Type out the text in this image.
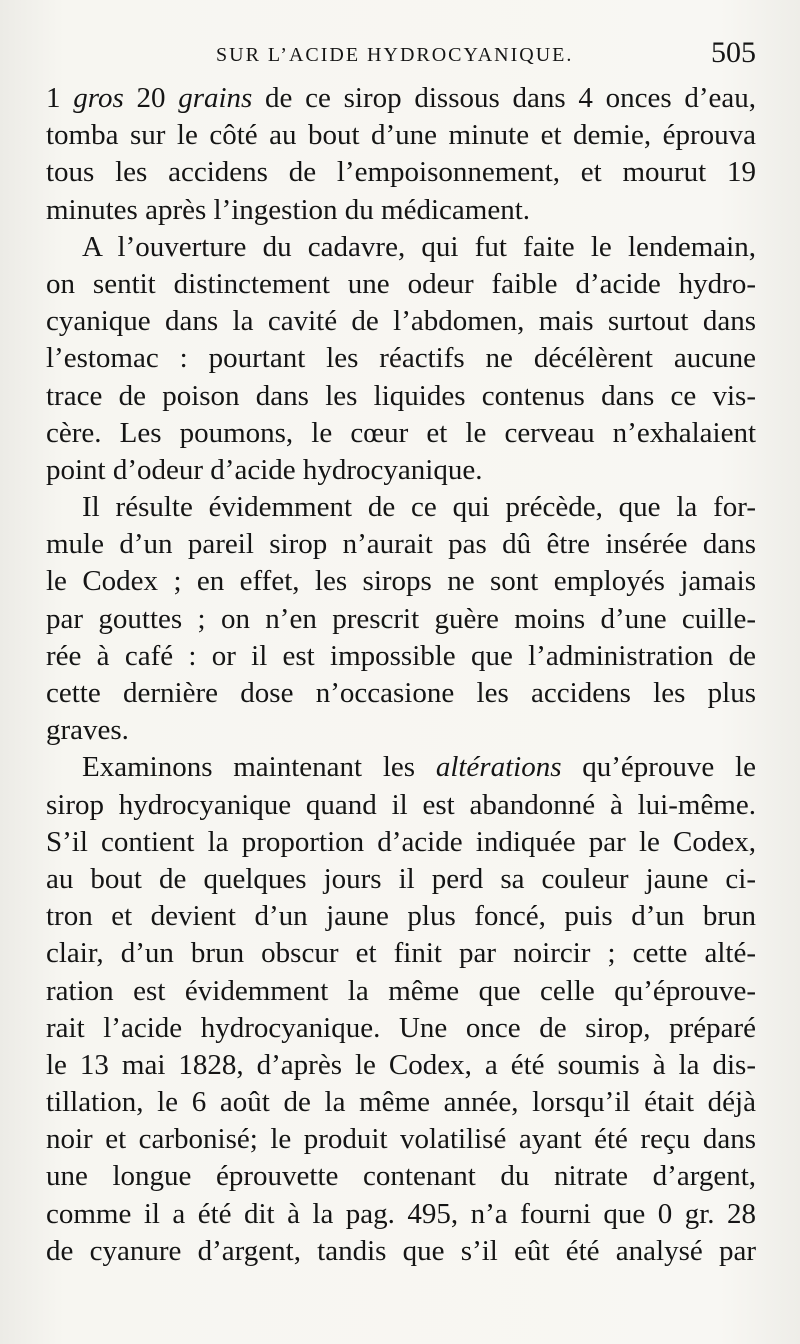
SUR L’ACIDE HYDROCYANIQUE.	505
1 gros 20 grains de ce sirop dissous dans 4 onces d’eau,
tomba sur le côté au bout d’une minute et demie, éprouva
tous les accidens de l’empoisonnement, et mourut 19
minutes après l’ingestion du médicament.
A l’ouverture du cadavre, qui fut faite le lendemain,
on sentit distinctement une odeur faible d’acide hydro-
cyanique dans la cavité de l’abdomen, mais surtout dans
l’estomac : pourtant les réactifs ne décélèrent aucune
trace de poison dans les liquides contenus dans ce vis-
cère. Les poumons, le cœur et le cerveau n’exhalaient
point d’odeur d’acide hydrocyanique.
Il résulte évidemment de ce qui précède, que la for-
mule d’un pareil sirop n’aurait pas dû être insérée dans
le Codex ; en effet, les sirops ne sont employés jamais
par gouttes ; on n’en prescrit guère moins d’une cuille-
rée à café : or il est impossible que l’administration de
cette dernière dose n’occasione les accidens les plus
graves.
Examinons maintenant les altérations qu’éprouve le
sirop hydrocyanique quand il est abandonné à lui-même.
S’il contient la proportion d’acide indiquée par le Codex,
au bout de quelques jours il perd sa couleur jaune ci-
tron et devient d’un jaune plus foncé, puis d’un brun
clair, d’un brun obscur et finit par noircir ; cette alté-
ration est évidemment la même que celle qu’éprouve-
rait l’acide hydrocyanique. Une once de sirop, préparé
le 13 mai 1828, d’après le Codex, a été soumis à la dis-
tillation, le 6 août de la même année, lorsqu’il était déjà
noir et carbonisé; le produit volatilisé ayant été reçu dans
une longue éprouvette contenant du nitrate d’argent,
comme il a été dit à la pag. 495, n’a fourni que 0 gr. 28
de cyanure d’argent, tandis que s’il eût été analysé par
